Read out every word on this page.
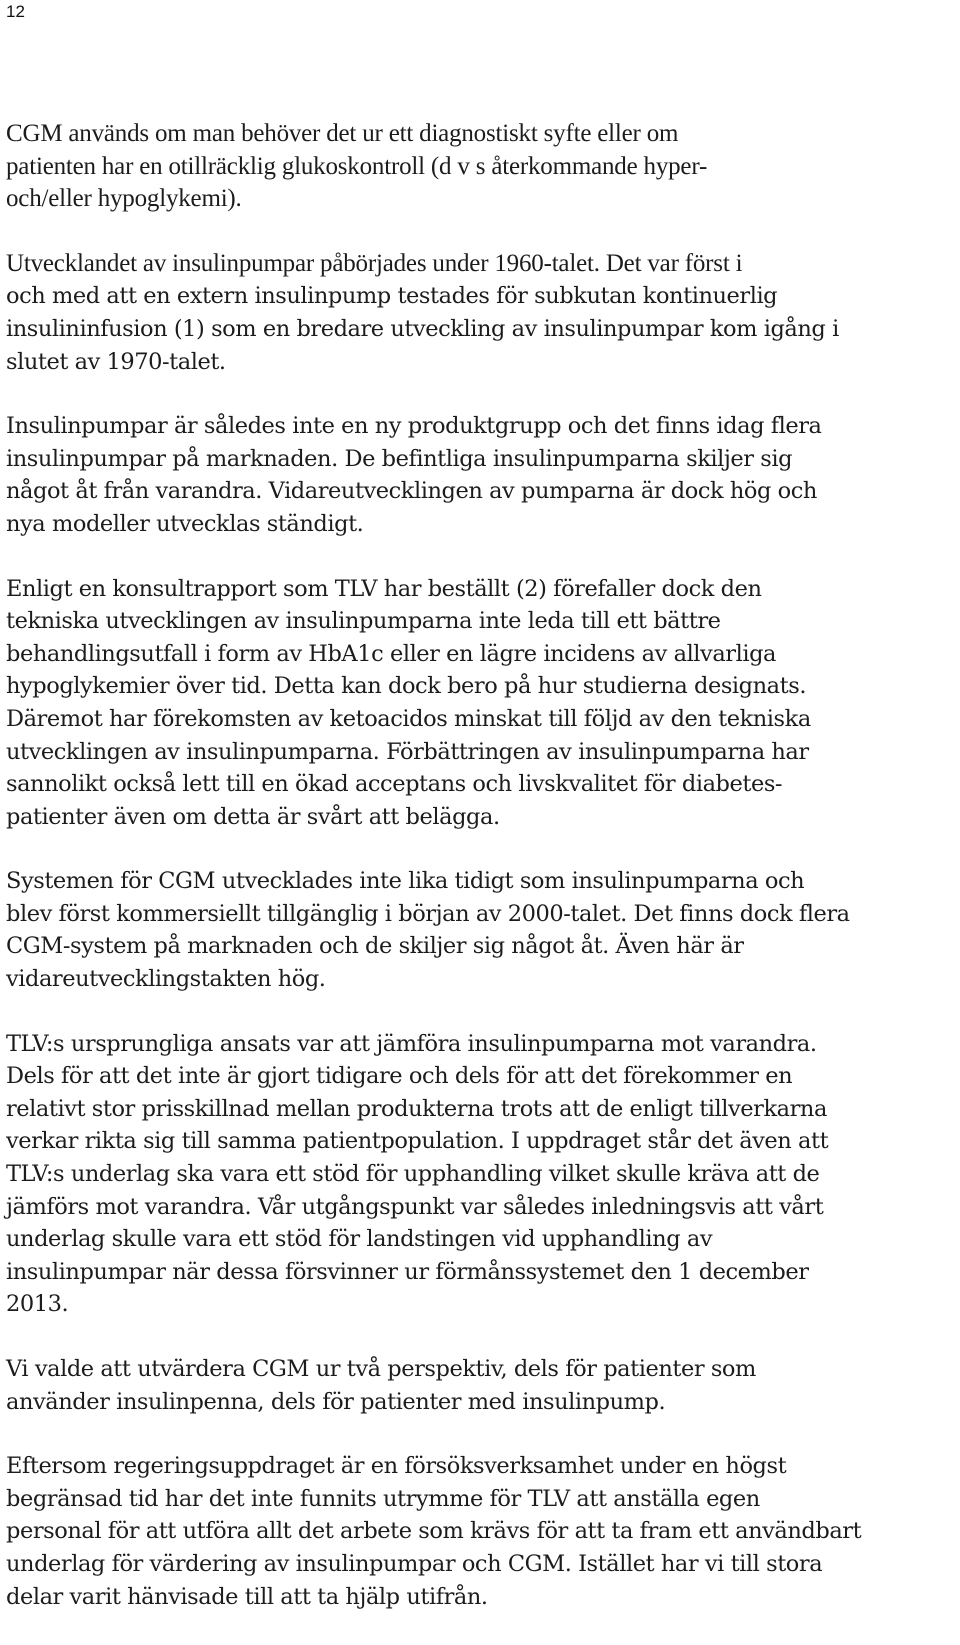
12

CGM används om man behöver det ur ett diagnostiskt syfte eller om
patienten har en otillräcklig glukoskontroll (d v s återkommande hyper-
och/eller hypoglykemi).

Utvecklandet av insulinpumpar påbörjades under 1960-talet. Det var först i
och med att en extern insulinpump testades för subkutan kontinuerlig
insulininfusion (1) som en bredare utveckling av insulinpumpar kom igång i
slutet av 1970-talet.

Insulinpumpar är således inte en ny produktgrupp och det finns idag flera
insulinpumpar på marknaden. De befintliga insulinpumparna skiljer sig
något åt från varandra. Vidareutvecklingen av pumparna är dock hög och
nya modeller utvecklas ständigt.

Enligt en konsultrapport som TLV har beställt (2) förefaller dock den
tekniska utvecklingen av insulinpumparna inte leda till ett bättre
behandlingsutfall i form av HbA1c eller en lägre incidens av allvarliga
hypoglykemier över tid. Detta kan dock bero på hur studierna designats.
Däremot har förekomsten av ketoacidos minskat till följd av den tekniska
utvecklingen av insulinpumparna. Förbättringen av insulinpumparna har
sannolikt också lett till en ökad acceptans och livskvalitet för diabetes-
patienter även om detta är svårt att belägga.

Systemen för CGM utvecklades inte lika tidigt som insulinpumparna och
blev först kommersiellt tillgänglig i början av 2000-talet. Det finns dock flera
CGM-system på marknaden och de skiljer sig något åt. Även här är
vidareutvecklingstakten hög.

TLV:s ursprungliga ansats var att jämföra insulinpumparna mot varandra.
Dels för att det inte är gjort tidigare och dels för att det förekommer en
relativt stor prisskillnad mellan produkterna trots att de enligt tillverkarna
verkar rikta sig till samma patientpopulation. I uppdraget står det även att
TLV:s underlag ska vara ett stöd för upphandling vilket skulle kräva att de
jämförs mot varandra. Vår utgångspunkt var således inledningsvis att vårt
underlag skulle vara ett stöd för landstingen vid upphandling av
insulinpumpar när dessa försvinner ur förmånssystemet den 1 december
2013.

Vi valde att utvärdera CGM ur två perspektiv, dels för patienter som
använder insulinpenna, dels för patienter med insulinpump.

Eftersom regeringsuppdraget är en försöksverksamhet under en högst
begränsad tid har det inte funnits utrymme för TLV att anställa egen
personal för att utföra allt det arbete som krävs för att ta fram ett användbart
underlag för värdering av insulinpumpar och CGM. Istället har vi till stora
delar varit hänvisade till att ta hjälp utifrån.
